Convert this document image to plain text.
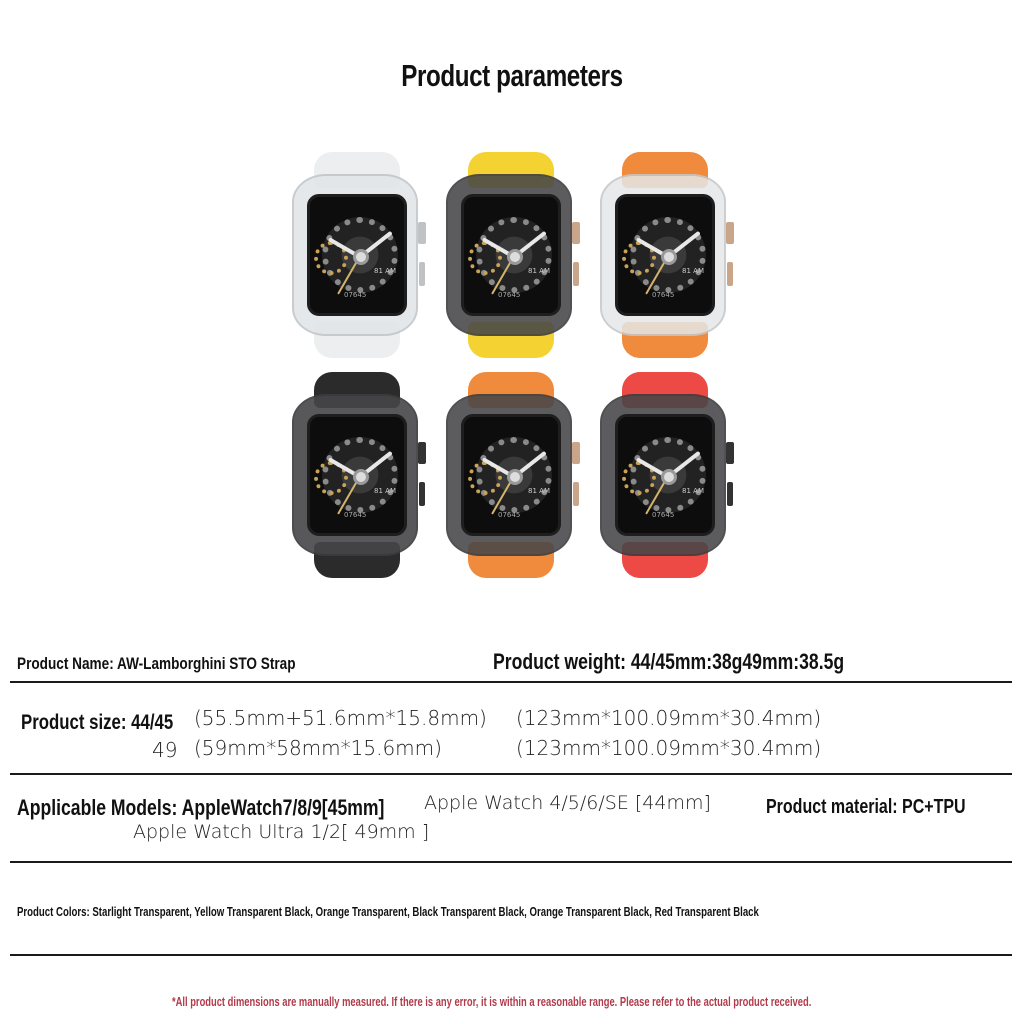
Product parameters
81 AM
07645
81 AM
07645
81 AM
07645
81 AM
07645
81 AM
07645
81 AM
07645
Product Name: AW-Lamborghini STO Strap	Product weight: 44/45mm:38g49mm:38.5g
Product size: 44/45	(55.5mm+51.6mm*15.8mm) (123mm*100.09mm*30.4mm)
49 (59mm*58mm*15.6mm)	(123mm*100.09mm*30.4mm)
Applicable Models: AppleWatch7/8/9[45mm]	Apple Watch 4/5/6/SE [44mm]
Apple Watch Ultra 1/2[ 49mm ]
Product material: PC+TPU
Product Colors: Starlight Transparent, Yellow Transparent Black, Orange Transparent, Black Transparent Black, Orange Transparent Black, Red Transparent Black
*All product dimensions are manually measured. If there is any error, it is within a reasonable range. Please refer to the actual product received.
